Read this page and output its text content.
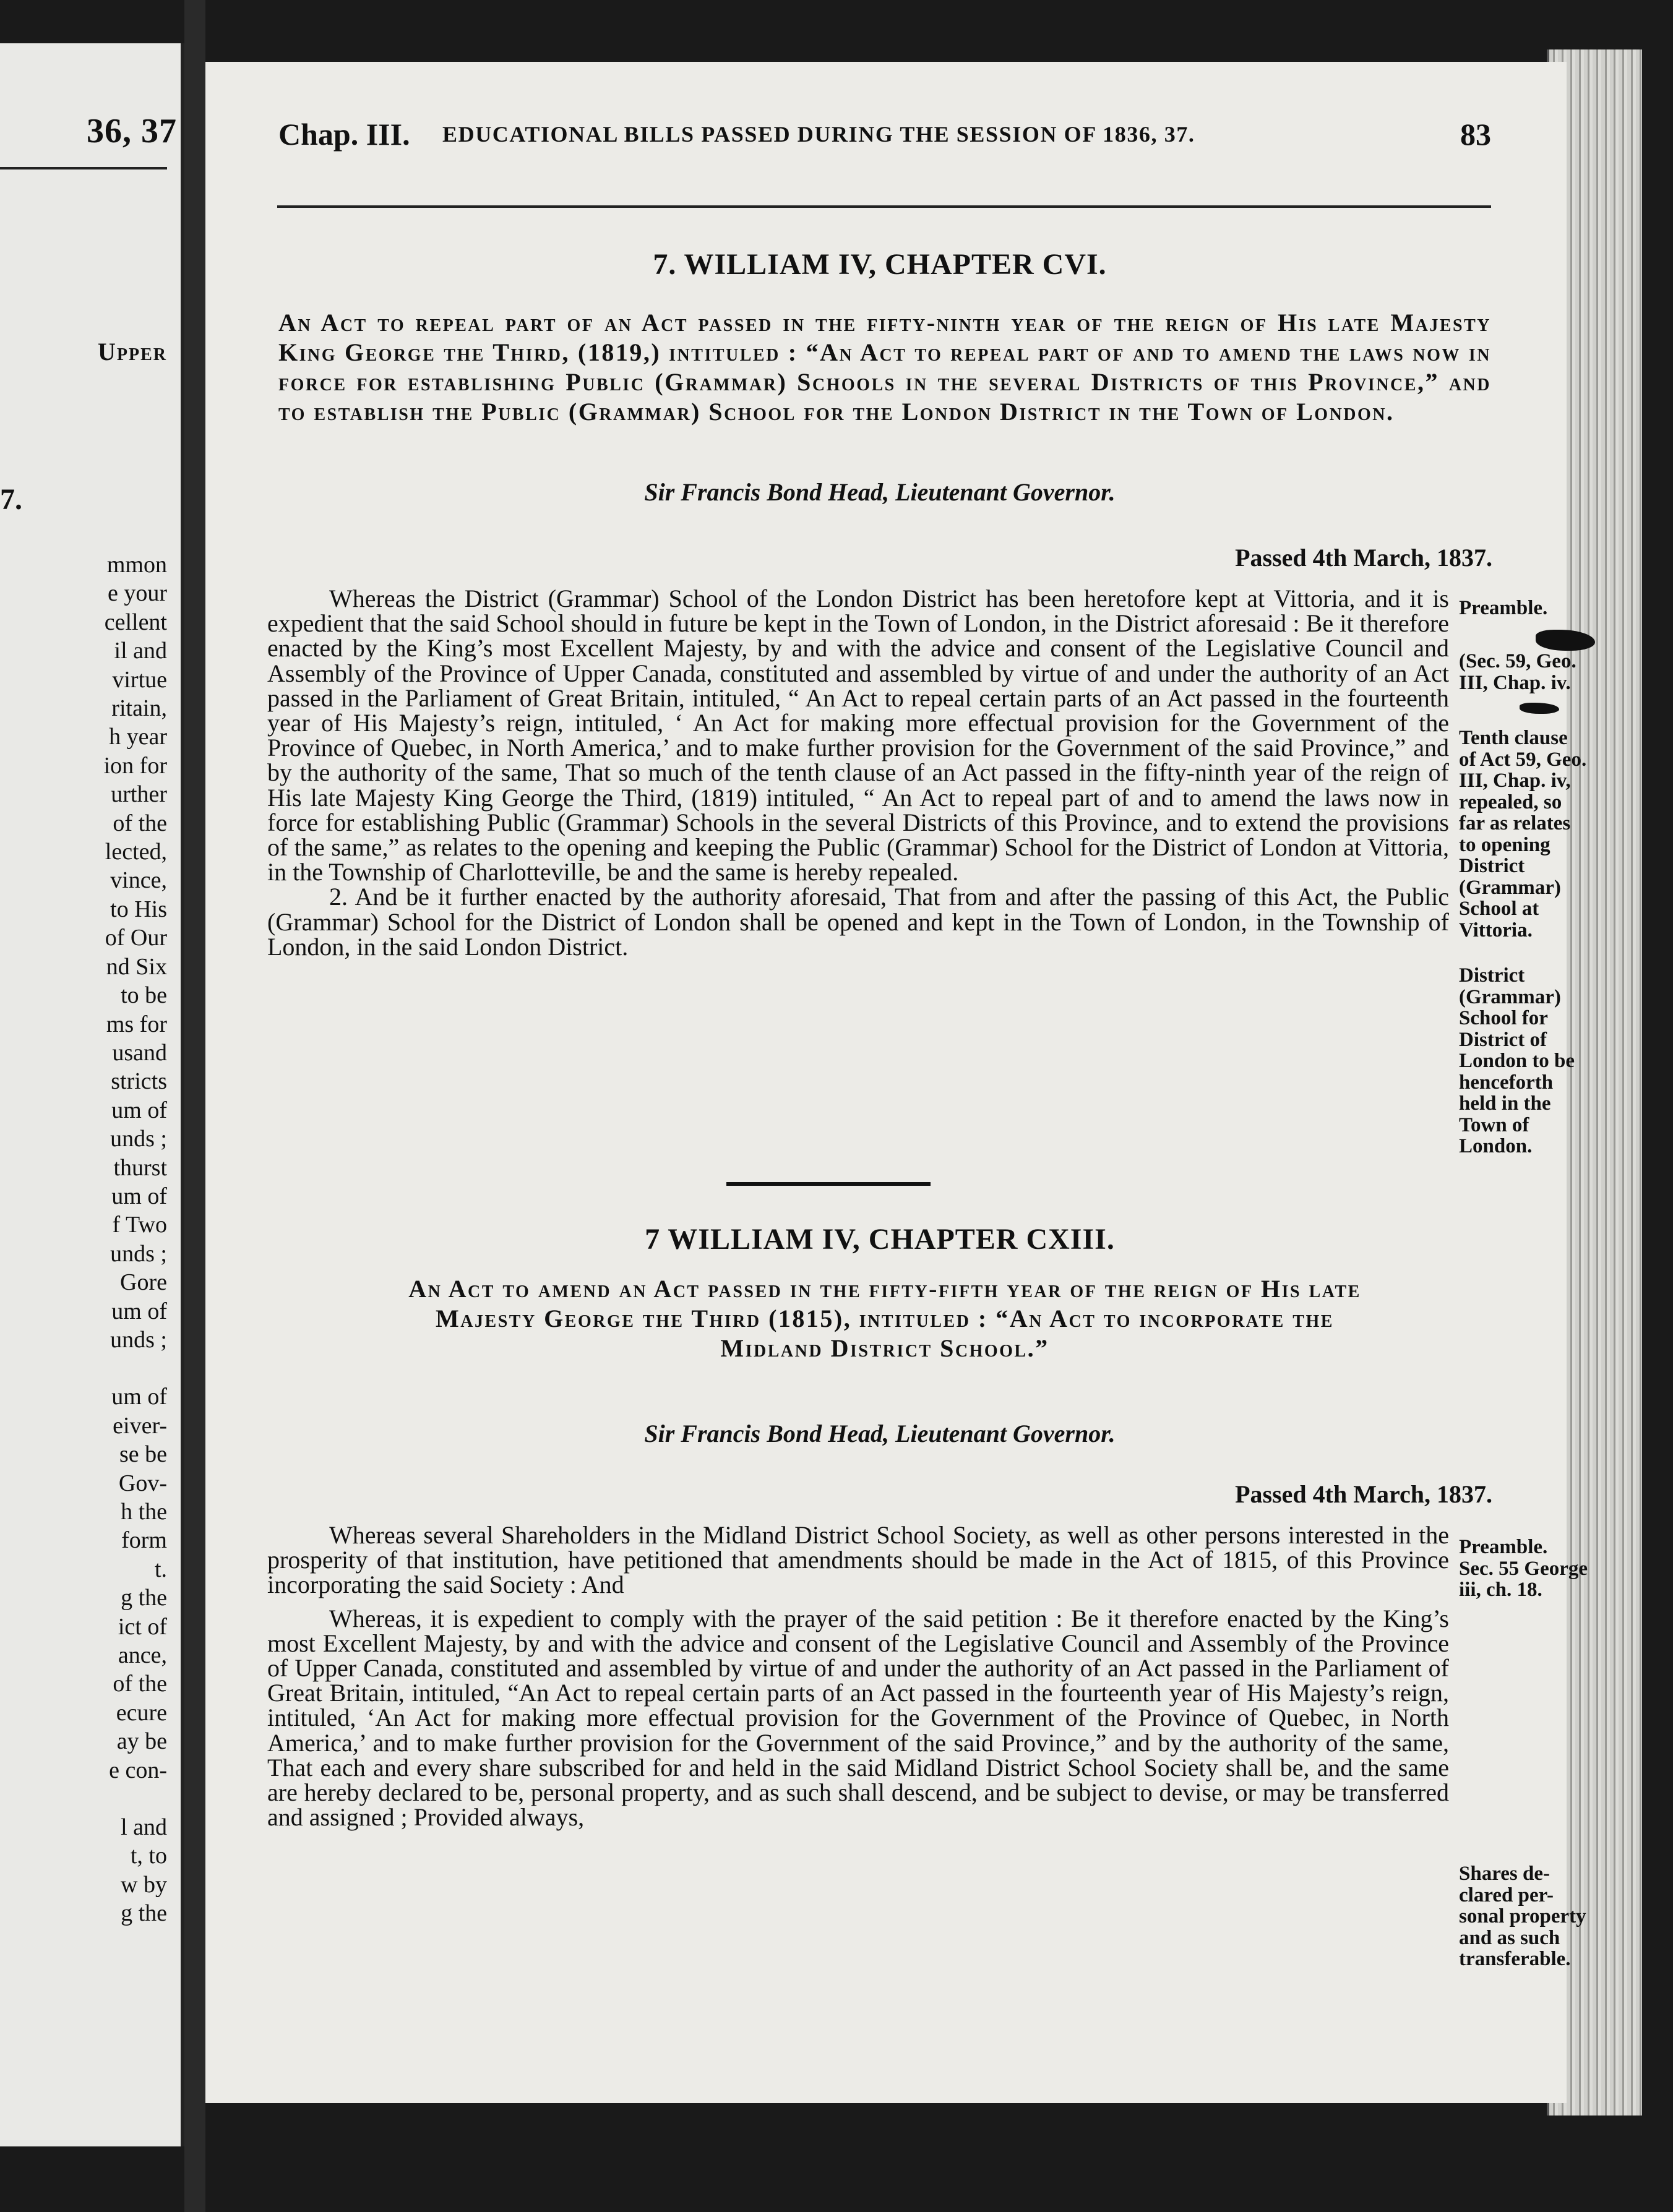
36, 37
Upper
7.
mmon
e your
cellent
il and
virtue
ritain,
h year
ion for
urther
of the
lected,
vince,
to His
of Our
nd Six
to be
ms for
usand
stricts
um of
unds ;
thurst
um of
f Two
unds ;
Gore
um of
unds ;
um of
eiver-
se be
Gov-
h the
form
t.
g the
ict of
ance,
of the
ecure
ay be
e con-
l and
t, to
w by
g the
Chap. III. EDUCATIONAL BILLS PASSED DURING THE SESSION OF 1836, 37.	83
7. WILLIAM IV, CHAPTER CVI.
An Act to repeal part of an Act passed in the fifty-ninth year of the reign of His late Majesty King George the Third, (1819,) intituled : “An Act to repeal part of and to amend the laws now in force for establishing Public (Grammar) Schools in the several Districts of this Province,” and to establish the Public (Grammar) School for the London District in the Town of London.
Sir Francis Bond Head, Lieutenant Governor.
Passed 4th March, 1837.

Whereas the District (Grammar) School of the London District has been heretofore kept at Vittoria, and it is expedient that the said School should in future be kept in the Town of London, in the District aforesaid : Be it therefore enacted by the King’s most Excellent Majesty, by and with the advice and consent of the Legislative Council and Assembly of the Province of Upper Canada, constituted and assembled by virtue of and under the authority of an Act passed in the Parliament of Great Britain, intituled, “ An Act to repeal certain parts of an Act passed in the fourteenth year of His Majesty’s reign, intituled, ‘ An Act for making more effectual provision for the Government of the Province of Quebec, in North America,’ and to make further provision for the Government of the said Province,” and by the authority of the same, That so much of the tenth clause of an Act passed in the fifty-ninth year of the reign of His late Majesty King George the Third, (1819) intituled, “ An Act to repeal part of and to amend the laws now in force for establishing Public (Grammar) Schools in the several Districts of this Province, and to extend the provisions of the same,” as relates to the opening and keeping the Public (Grammar) School for the District of London at Vittoria, in the Township of Charlotteville, be and the same is hereby repealed.

2. And be it further enacted by the authority aforesaid, That from and after the passing of this Act, the Public (Grammar) School for the District of London shall be opened and kept in the Town of London, in the Township of London, in the said London District.

Preamble.
(Sec. 59, Geo.
III, Chap. iv.
Tenth clause
of Act 59, Geo.
III, Chap. iv,
repealed, so
far as relates
to opening
District
(Grammar)
School at
Vittoria.
District
(Grammar)
School for
District of
London to be
henceforth
held in the
Town of
London.
7 WILLIAM IV, CHAPTER CXIII.
An Act to amend an Act passed in the fifty-fifth year of the reign of His late
Majesty George the Third (1815), intituled : “An Act to incorporate the
Midland District School.”
Sir Francis Bond Head, Lieutenant Governor.
Passed 4th March, 1837.

Whereas several Shareholders in the Midland District School Society, as well as other persons interested in the prosperity of that institution, have petitioned that amendments should be made in the Act of 1815, of this Province incorporating the said Society : And

Whereas, it is expedient to comply with the prayer of the said petition : Be it therefore enacted by the King’s most Excellent Majesty, by and with the advice and consent of the Legislative Council and Assembly of the Province of Upper Canada, constituted and assembled by virtue of and under the authority of an Act passed in the Parliament of Great Britain, intituled, “An Act to repeal certain parts of an Act passed in the fourteenth year of His Majesty’s reign, intituled, ‘An Act for making more effectual provision for the Government of the Province of Quebec, in North America,’ and to make further provision for the Government of the said Province,” and by the authority of the same, That each and every share subscribed for and held in the said Midland District School Society shall be, and the same are hereby declared to be, personal property, and as such shall descend, and be subject to devise, or may be transferred and assigned ; Provided always,

Preamble.
Sec. 55 George
iii, ch. 18.
Shares de-
clared per-
sonal property
and as such
transferable.
